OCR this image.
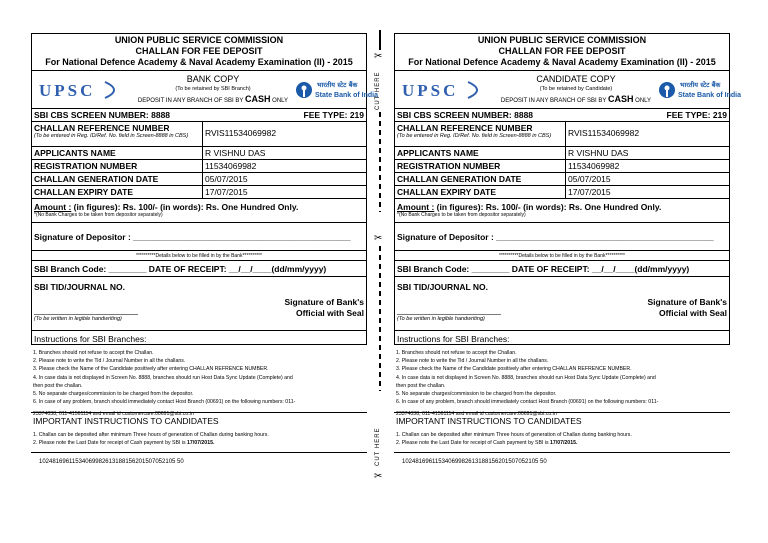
UNION PUBLIC SERVICE COMMISSION
CHALLAN FOR FEE DEPOSIT
For National Defence Academy & Naval Academy Examination (II) - 2015
UPSC
BANK COPY
(To be retained by SBI Branch)
DEPOSIT IN ANY BRANCH OF SBI BY CASH ONLY
भारतीय स्टेट बैंक
State Bank of India
SBI CBS SCREEN NUMBER: 8888	FEE TYPE: 219
CHALLAN REFERENCE NUMBER
(To be entered in Reg. ID/Ref. No. field in Screen-8888 in CBS)	RVIS11534069982
APPLICANTS NAME	R VISHNU DAS
REGISTRATION NUMBER	11534069982
CHALLAN GENERATION DATE	05/07/2015
CHALLAN EXPIRY DATE	17/07/2015
Amount : (in figures): Rs. 100/- (in words): Rs. One Hundred Only.
*(No Bank Charges to be taken from depositor separately)
Signature of Depositor : ______________________________________________
**********Details below to be filled in by the Bank**********
SBI Branch Code: ________ DATE OF RECEIPT: __/__/____(dd/mm/yyyy)
SBI TID/JOURNAL NO.
______________________
(To be written in legible handwriting)
Signature of Bank's
Official with Seal
Instructions for SBI Branches:
1. Branches should not refuse to accept the Challan.
2. Please note to write the Tid / Journal Number in all the challans.
3. Please check the Name of the Candidate positively after entering CHALLAN REFRENCE NUMBER.
4. In case data is not displayed in Screen No. 8888, branches should run Host Data Sync Update (Complete) and
then post the challan.
5. No separate charges/commission to be charged from the depositor.
6. In case of any problem, branch should immediately contact Host Branch (00691) on the following numbers: 011-
23374038, 011-41561114 and email id customercare.00691@sbi.co.in
IMPORTANT INSTRUCTIONS TO CANDIDATES
1. Challan can be deposited after minimum Three hours of generation of Challan during banking hours.
2. Please note the Last Date for receipt of Cash payment by SBI is 17/07/2015.
10248169611534069982613188156201507052105 50
UNION PUBLIC SERVICE COMMISSION
CHALLAN FOR FEE DEPOSIT
For National Defence Academy & Naval Academy Examination (II) - 2015
UPSC
CANDIDATE COPY
(To be retained by Candidate)
DEPOSIT IN ANY BRANCH OF SBI BY CASH ONLY
भारतीय स्टेट बैंक
State Bank of India
SBI CBS SCREEN NUMBER: 8888	FEE TYPE: 219
CHALLAN REFERENCE NUMBER
(To be entered in Reg. ID/Ref. No. field in Screen-8888 in CBS)	RVIS11534069982
APPLICANTS NAME	R VISHNU DAS
REGISTRATION NUMBER	11534069982
CHALLAN GENERATION DATE	05/07/2015
CHALLAN EXPIRY DATE	17/07/2015
Amount : (in figures): Rs. 100/- (in words): Rs. One Hundred Only.
*(No Bank Charges to be taken from depositor separately)
Signature of Depositor : ______________________________________________
**********Details below to be filled in by the Bank**********
SBI Branch Code: ________ DATE OF RECEIPT: __/__/____(dd/mm/yyyy)
SBI TID/JOURNAL NO.
______________________
(To be written in legible handwriting)
Signature of Bank's
Official with Seal
Instructions for SBI Branches:
1. Branches should not refuse to accept the Challan.
2. Please note to write the Tid / Journal Number in all the challans.
3. Please check the Name of the Candidate positively after entering CHALLAN REFRENCE NUMBER.
4. In case data is not displayed in Screen No. 8888, branches should run Host Data Sync Update (Complete) and
then post the challan.
5. No separate charges/commission to be charged from the depositor.
6. In case of any problem, branch should immediately contact Host Branch (00691) on the following numbers: 011-
23374038, 011-41561114 and email id customercare.00691@sbi.co.in
IMPORTANT INSTRUCTIONS TO CANDIDATES
1. Challan can be deposited after minimum Three hours of generation of Challan during banking hours.
2. Please note the Last Date for receipt of Cash payment by SBI is 17/07/2015.
10248169611534069982613188156201507052105 50
✂
CUT HERE
✂
CUT HERE
✂
